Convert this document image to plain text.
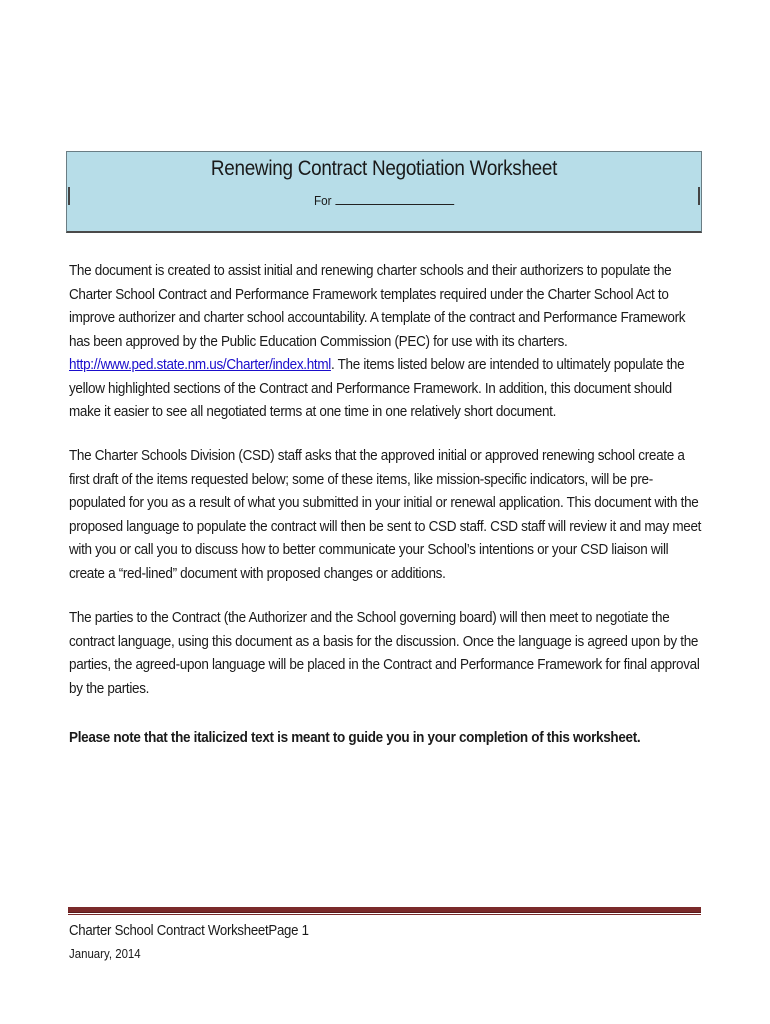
Renewing Contract Negotiation Worksheet
For
The document is created to assist initial and renewing charter schools and their authorizers to populate the Charter School Contract and Performance Framework templates required under the Charter School Act to improve authorizer and charter school accountability. A template of the contract and Performance Framework has been approved by the Public Education Commission (PEC) for use with its charters. http://www.ped.state.nm.us/Charter/index.html. The items listed below are intended to ultimately populate the yellow highlighted sections of the Contract and Performance Framework. In addition, this document should make it easier to see all negotiated terms at one time in one relatively short document.
The Charter Schools Division (CSD) staff asks that the approved initial or approved renewing school create a first draft of the items requested below; some of these items, like mission-specific indicators, will be pre-populated for you as a result of what you submitted in your initial or renewal application. This document with the proposed language to populate the contract will then be sent to CSD staff. CSD staff will review it and may meet with you or call you to discuss how to better communicate your School’s intentions or your CSD liaison will create a “red-lined” document with proposed changes or additions.
The parties to the Contract (the Authorizer and the School governing board) will then meet to negotiate the contract language, using this document as a basis for the discussion. Once the language is agreed upon by the parties, the agreed-upon language will be placed in the Contract and Performance Framework for final approval by the parties.
Please note that the italicized text is meant to guide you in your completion of this worksheet.
Charter School Contract WorksheetPage 1
January, 2014
